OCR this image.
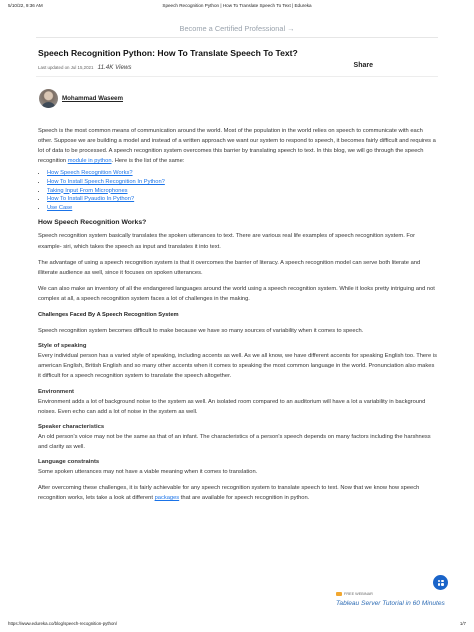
5/10/22, 9:36 AM	Speech Recognition Python | How To Translate Speech To Text | Edureka
Become a Certified Professional →
Speech Recognition Python: How To Translate Speech To Text?
Last updated on Jul 15,2021 11.4K Views	Share
Mohammad Waseem

Speech is the most common means of communication around the world. Most of the population in the world relies on speech to communicate with each other. Suppose we are building a model and instead of a written approach we want our system to respond to speech, it becomes fairly difficult and requires a lot of data to be processed. A speech recognition system overcomes this barrier by translating speech to text. In this blog, we will go through the speech recognition module in python. Here is the list of the same:

• How Speech Recognition Works?
• How To Install Speech Recognition In Python?
• Taking Input From Microphones
• How To Install Pyaudio In Python?
• Use Case
How Speech Recognition Works?

Speech recognition system basically translates the spoken utterances to text. There are various real life examples of speech recognition system. For example- siri, which takes the speech as input and translates it into text.

The advantage of using a speech recognition system is that it overcomes the barrier of literacy. A speech recognition model can serve both literate and illiterate audience as well, since it focuses on spoken utterances.

We can also make an inventory of all the endangered languages around the world using a speech recognition system. While it looks pretty intriguing and not complex at all, a speech recognition system faces a lot of challenges in the making.

Challenges Faced By A Speech Recognition System

Speech recognition system becomes difficult to make because we have so many sources of variability when it comes to speech.

Style of speaking

Every individual person has a varied style of speaking, including accents as well. As we all know, we have different accents for speaking English too. There is american English, British English and so many other accents when it comes to speaking the most common language in the world. Pronunciation also makes it difficult for a speech recognition system to translate the speech altogether.

Environment

Environment adds a lot of background noise to the system as well. An isolated room compared to an auditorium will have a lot a variability in background noises. Even echo can add a lot of noise in the system as well.

Speaker characteristics

An old person's voice may not be the same as that of an infant. The characteristics of a person's speech depends on many factors including the harshness and clarity as well.

Language constraints

Some spoken utterances may not have a viable meaning when it comes to translation.

After overcoming these challenges, it is fairly achievable for any speech recognition system to translate speech to text. Now that we know how speech recognition works, lets take a look at different packages that are available for speech recognition in python.

FREE WEBINAR
Tableau Server Tutorial in 60 Minutes
https://www.edureka.co/blog/speech-recognition-python/	1/7
